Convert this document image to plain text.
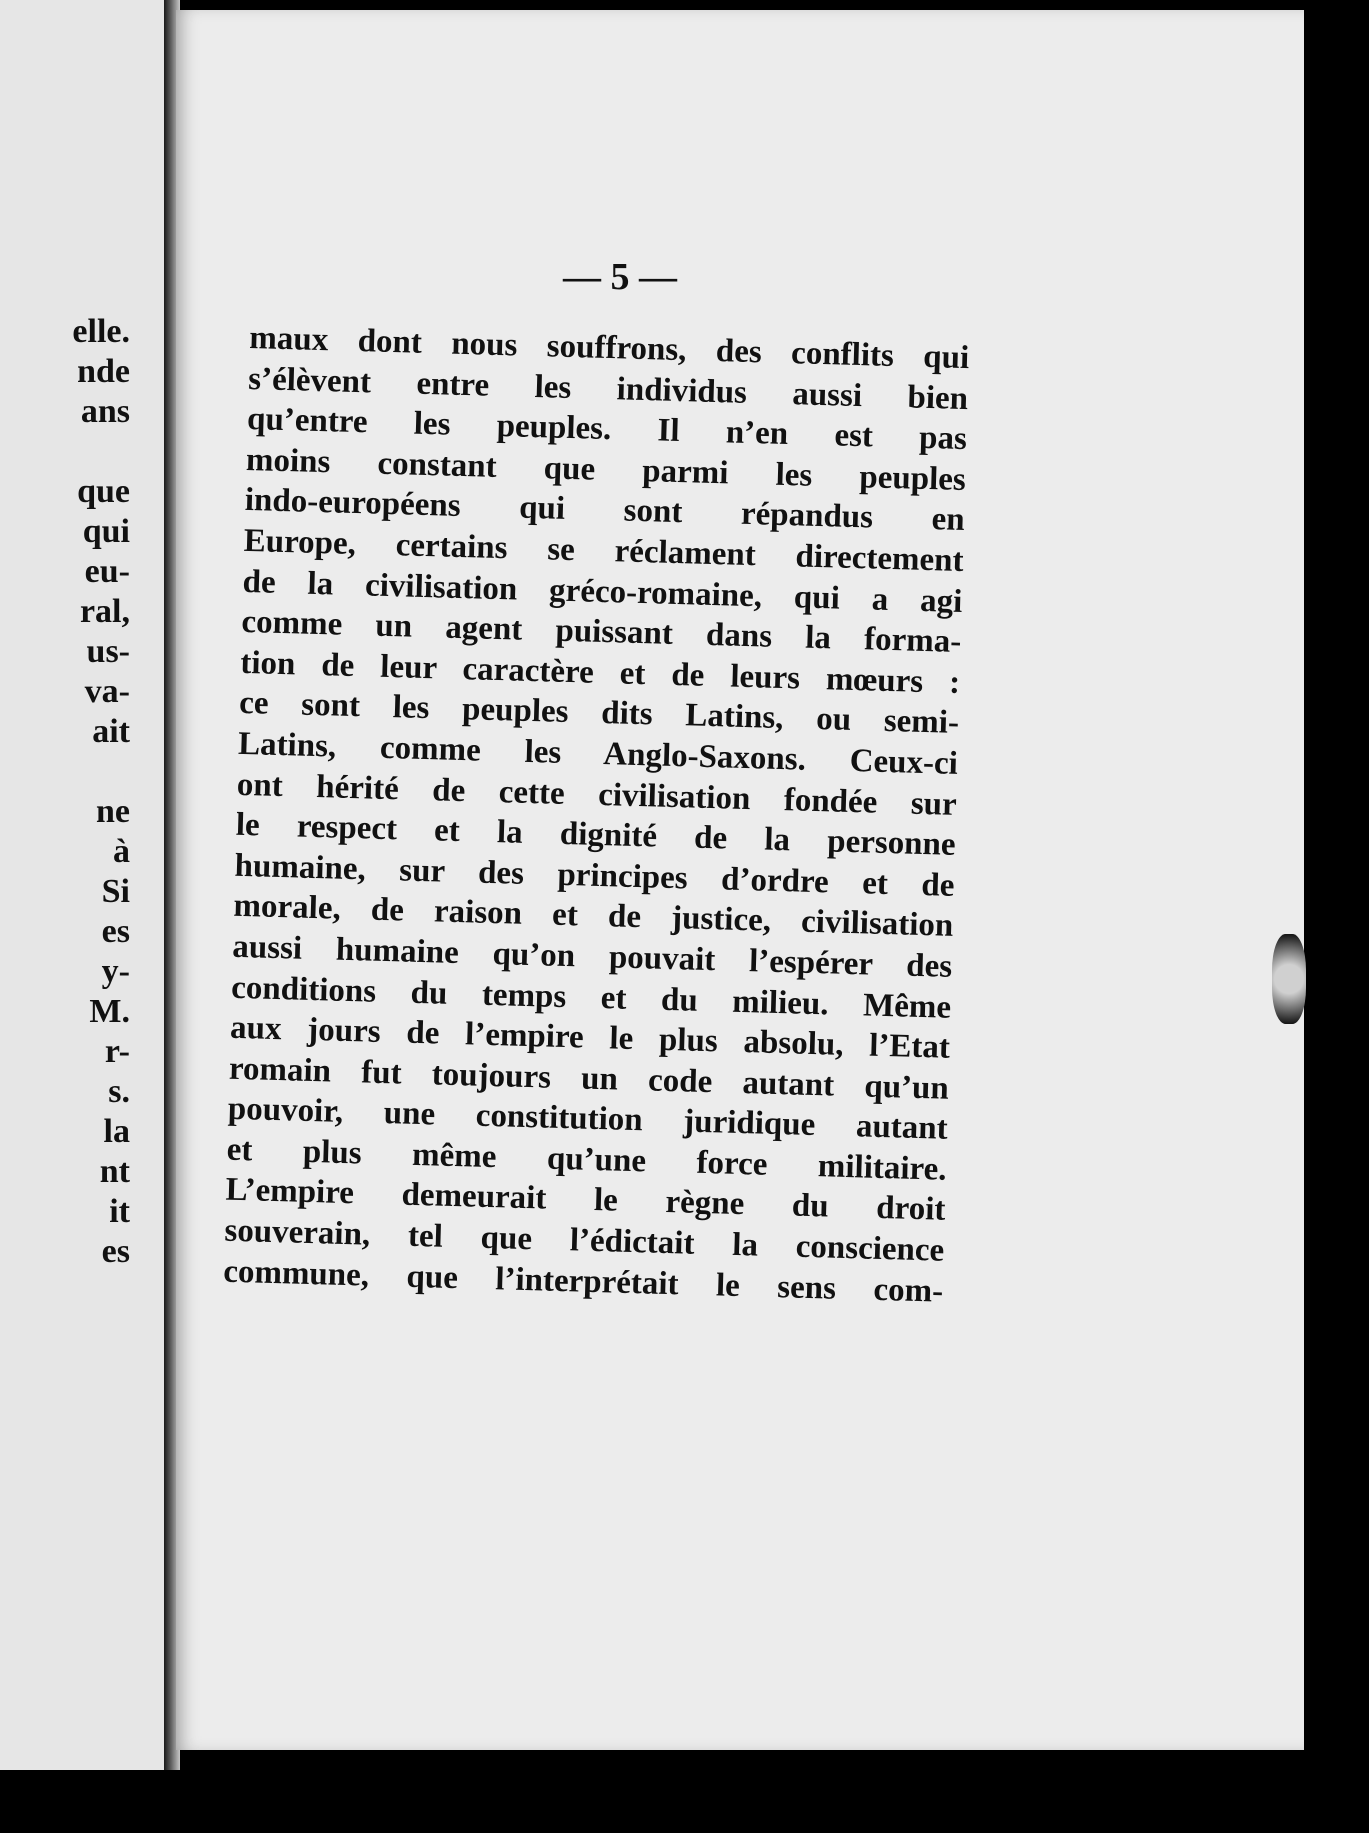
elle.
nde
ans
que
qui
eu-
ral,
us-
va-
ait
ne
à
Si
es
y-
M.
r-
s.
la
nt
it
es
— 5 —
maux dont nous souffrons, des conflits qui
s’élèvent entre les individus aussi bien
qu’entre les peuples. Il n’en est pas
moins constant que parmi les peuples
indo-européens qui sont répandus en
Europe, certains se réclament directement
de la civilisation gréco-romaine, qui a agi
comme un agent puissant dans la forma-
tion de leur caractère et de leurs mœurs :
ce sont les peuples dits Latins, ou semi-
Latins, comme les Anglo-Saxons. Ceux-ci
ont hérité de cette civilisation fondée sur
le respect et la dignité de la personne
humaine, sur des principes d’ordre et de
morale, de raison et de justice, civilisation
aussi humaine qu’on pouvait l’espérer des
conditions du temps et du milieu. Même
aux jours de l’empire le plus absolu, l’Etat
romain fut toujours un code autant qu’un
pouvoir, une constitution juridique autant
et plus même qu’une force militaire.
L’empire demeurait le règne du droit
souverain, tel que l’édictait la conscience
commune, que l’interprétait le sens com-
